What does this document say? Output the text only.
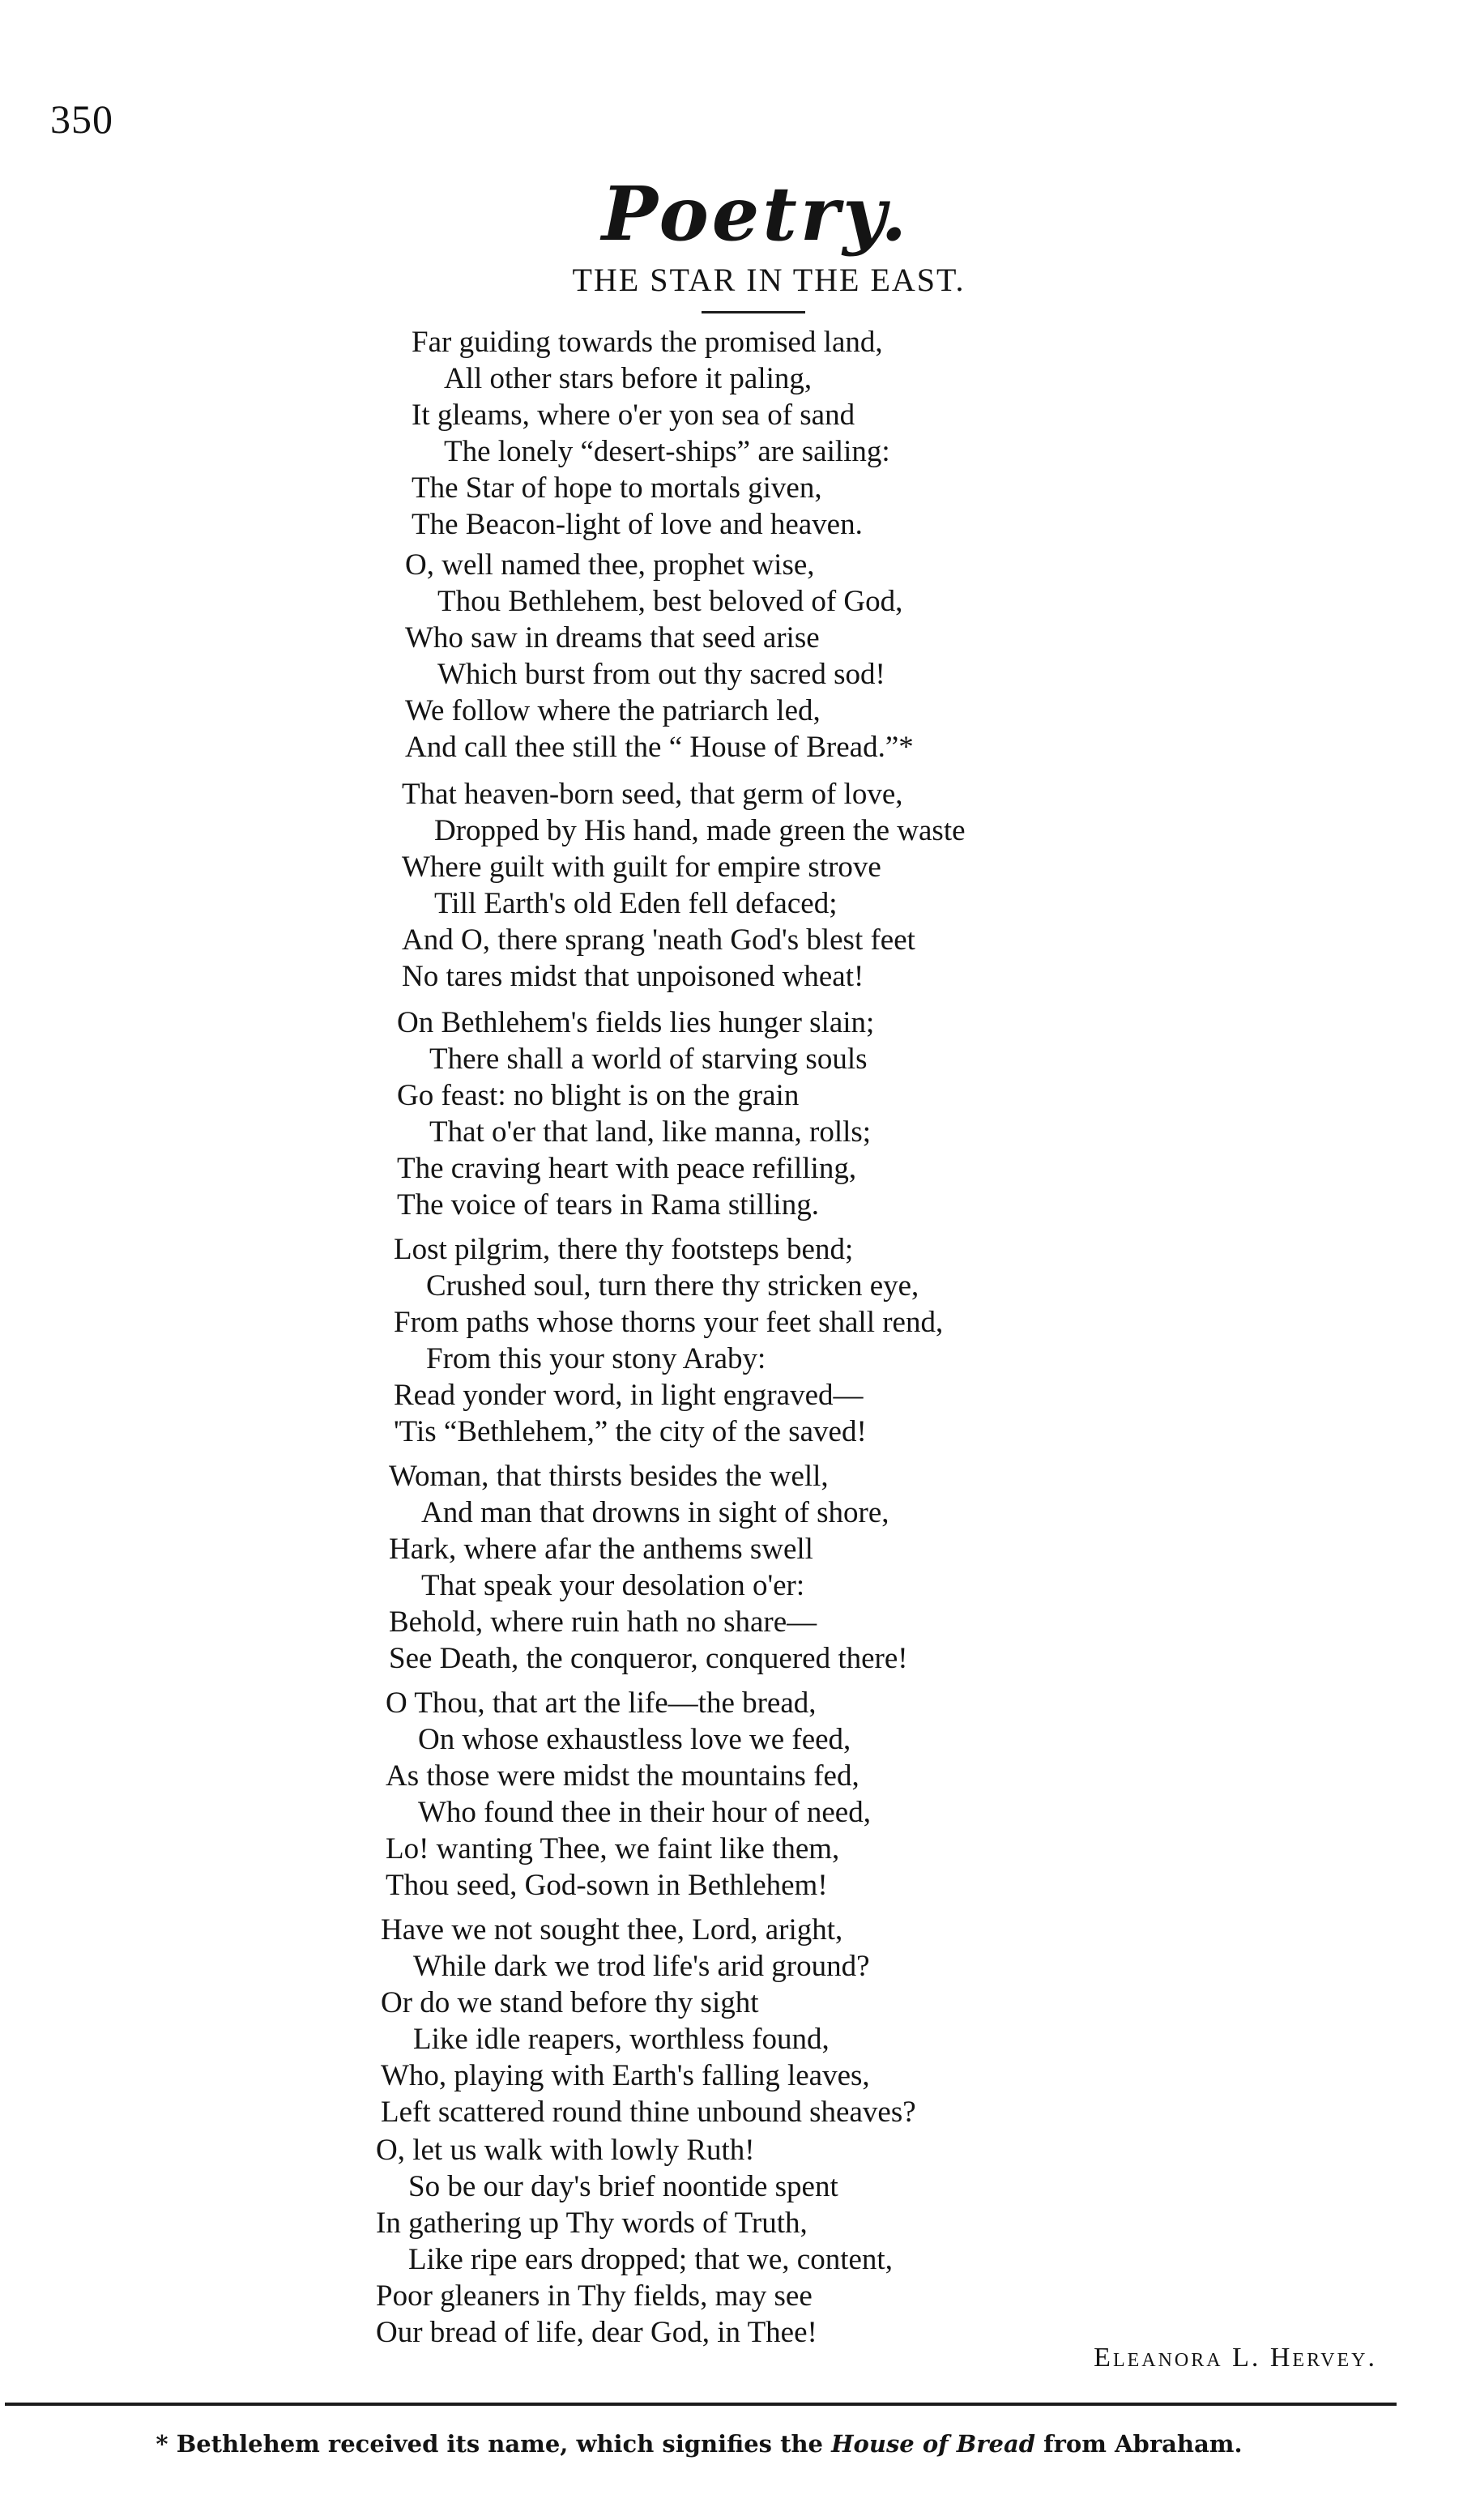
350
Poetry.
THE STAR IN THE EAST.
Far guiding towards the promised land,
All other stars before it paling,
It gleams, where o'er yon sea of sand
The lonely “desert-ships” are sailing:
The Star of hope to mortals given,
The Beacon-light of love and heaven.
O, well named thee, prophet wise,
Thou Bethlehem, best beloved of God,
Who saw in dreams that seed arise
Which burst from out thy sacred sod!
We follow where the patriarch led,
And call thee still the “ House of Bread.”*
That heaven-born seed, that germ of love,
Dropped by His hand, made green the waste
Where guilt with guilt for empire strove
Till Earth's old Eden fell defaced;
And O, there sprang 'neath God's blest feet
No tares midst that unpoisoned wheat!
On Bethlehem's fields lies hunger slain;
There shall a world of starving souls
Go feast: no blight is on the grain
That o'er that land, like manna, rolls;
The craving heart with peace refilling,
The voice of tears in Rama stilling.
Lost pilgrim, there thy footsteps bend;
Crushed soul, turn there thy stricken eye,
From paths whose thorns your feet shall rend,
From this your stony Araby:
Read yonder word, in light engraved—
'Tis “Bethlehem,” the city of the saved!
Woman, that thirsts besides the well,
And man that drowns in sight of shore,
Hark, where afar the anthems swell
That speak your desolation o'er:
Behold, where ruin hath no share—
See Death, the conqueror, conquered there!
O Thou, that art the life—the bread,
On whose exhaustless love we feed,
As those were midst the mountains fed,
Who found thee in their hour of need,
Lo! wanting Thee, we faint like them,
Thou seed, God-sown in Bethlehem!
Have we not sought thee, Lord, aright,
While dark we trod life's arid ground?
Or do we stand before thy sight
Like idle reapers, worthless found,
Who, playing with Earth's falling leaves,
Left scattered round thine unbound sheaves?
O, let us walk with lowly Ruth!
So be our day's brief noontide spent
In gathering up Thy words of Truth,
Like ripe ears dropped; that we, content,
Poor gleaners in Thy fields, may see
Our bread of life, dear God, in Thee!
Eleanora L. Hervey.
* Bethlehem received its name, which signifies the House of Bread from Abraham.
